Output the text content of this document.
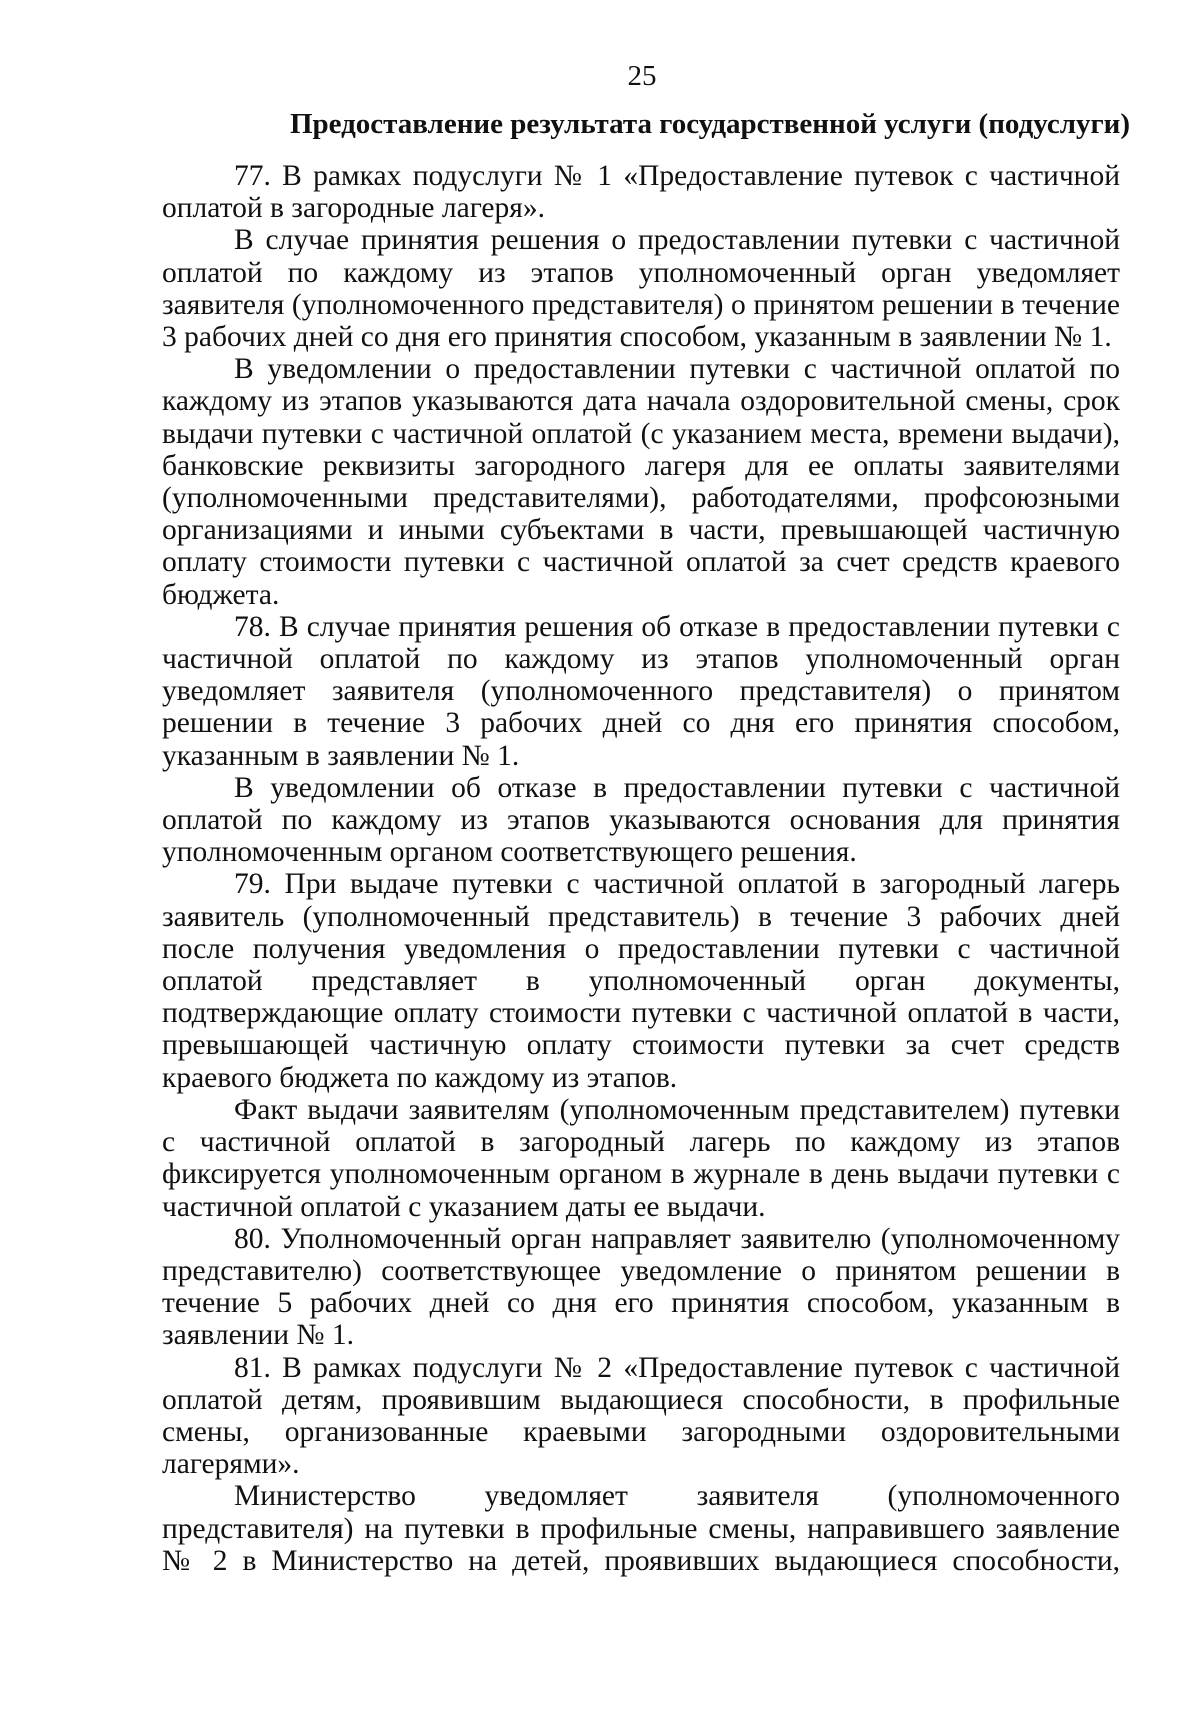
25
Предоставление результата государственной услуги (подуслуги)

77. В рамках подуслуги № 1 «Предоставление путевок с частичной оплатой в загородные лагеря».

В случае принятия решения о предоставлении путевки с частичной оплатой по каждому из этапов уполномоченный орган уведомляет заявителя (уполномоченного представителя) о принятом решении в течение 3 рабочих дней со дня его принятия способом, указанным в заявлении № 1.

В уведомлении о предоставлении путевки с частичной оплатой по каждому из этапов указываются дата начала оздоровительной смены, срок выдачи путевки с частичной оплатой (с указанием места, времени выдачи), банковские реквизиты загородного лагеря для ее оплаты заявителями (уполномоченными представителями), работодателями, профсоюзными организациями и иными субъектами в части, превышающей частичную оплату стоимости путевки с частичной оплатой за счет средств краевого бюджета.

78. В случае принятия решения об отказе в предоставлении путевки с частичной оплатой по каждому из этапов уполномоченный орган уведомляет заявителя (уполномоченного представителя) о принятом решении в течение 3 рабочих дней со дня его принятия способом, указанным в заявлении № 1.

В уведомлении об отказе в предоставлении путевки с частичной оплатой по каждому из этапов указываются основания для принятия уполномоченным органом соответствующего решения.

79. При выдаче путевки с частичной оплатой в загородный лагерь заявитель (уполномоченный представитель) в течение 3 рабочих дней после получения уведомления о предоставлении путевки с частичной оплатой представляет в уполномоченный орган документы, подтверждающие оплату стоимости путевки с частичной оплатой в части, превышающей частичную оплату стоимости путевки за счет средств краевого бюджета по каждому из этапов.

Факт выдачи заявителям (уполномоченным представителем) путевки с частичной оплатой в загородный лагерь по каждому из этапов фиксируется уполномоченным органом в журнале в день выдачи путевки с частичной оплатой с указанием даты ее выдачи.

80. Уполномоченный орган направляет заявителю (уполномоченному представителю) соответствующее уведомление о принятом решении в течение 5 рабочих дней со дня его принятия способом, указанным в заявлении № 1.

81. В рамках подуслуги № 2 «Предоставление путевок с частичной оплатой детям, проявившим выдающиеся способности, в профильные смены, организованные краевыми загородными оздоровительными лагерями».

Министерство уведомляет заявителя (уполномоченного представителя) на путевки в профильные смены, направившего заявление № 2 в Министерство на детей, проявивших выдающиеся способности,
